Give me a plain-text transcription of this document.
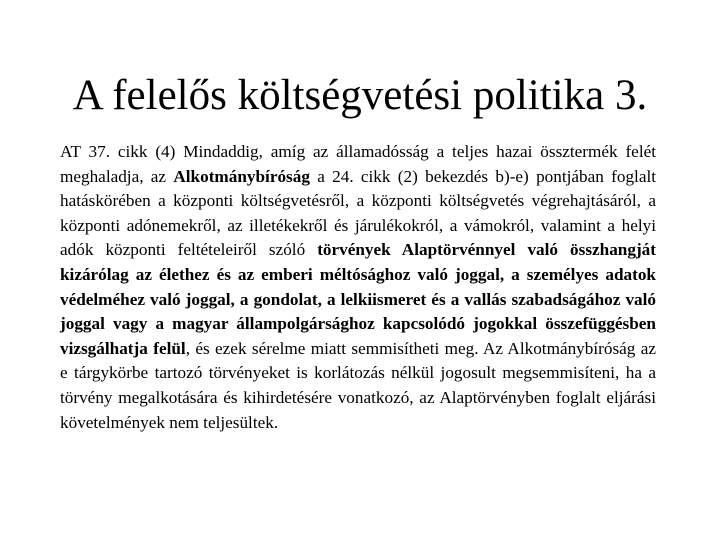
A felelős költségvetési politika 3.

AT 37. cikk (4) Mindaddig, amíg az államadósság a teljes hazai össztermék felét meghaladja, az Alkotmánybíróság a 24. cikk (2) bekezdés b)-e) pontjában foglalt hatáskörében a központi költségvetésről, a központi költségvetés végrehajtásáról, a központi adónemekről, az illetékekről és járulékokról, a vámokról, valamint a helyi adók központi feltételeiről szóló törvények Alaptörvénnyel való összhangját kizárólag az élethez és az emberi méltósághoz való joggal, a személyes adatok védelméhez való joggal, a gondolat, a lelkiismeret és a vallás szabadságához való joggal vagy a magyar állampolgársághoz kapcsolódó jogokkal összefüggésben vizsgálhatja felül, és ezek sérelme miatt semmisítheti meg. Az Alkotmánybíróság az e tárgykörbe tartozó törvényeket is korlátozás nélkül jogosult megsemmisíteni, ha a törvény megalkotására és kihirdetésére vonatkozó, az Alaptörvényben foglalt eljárási követelmények nem teljesültek.
